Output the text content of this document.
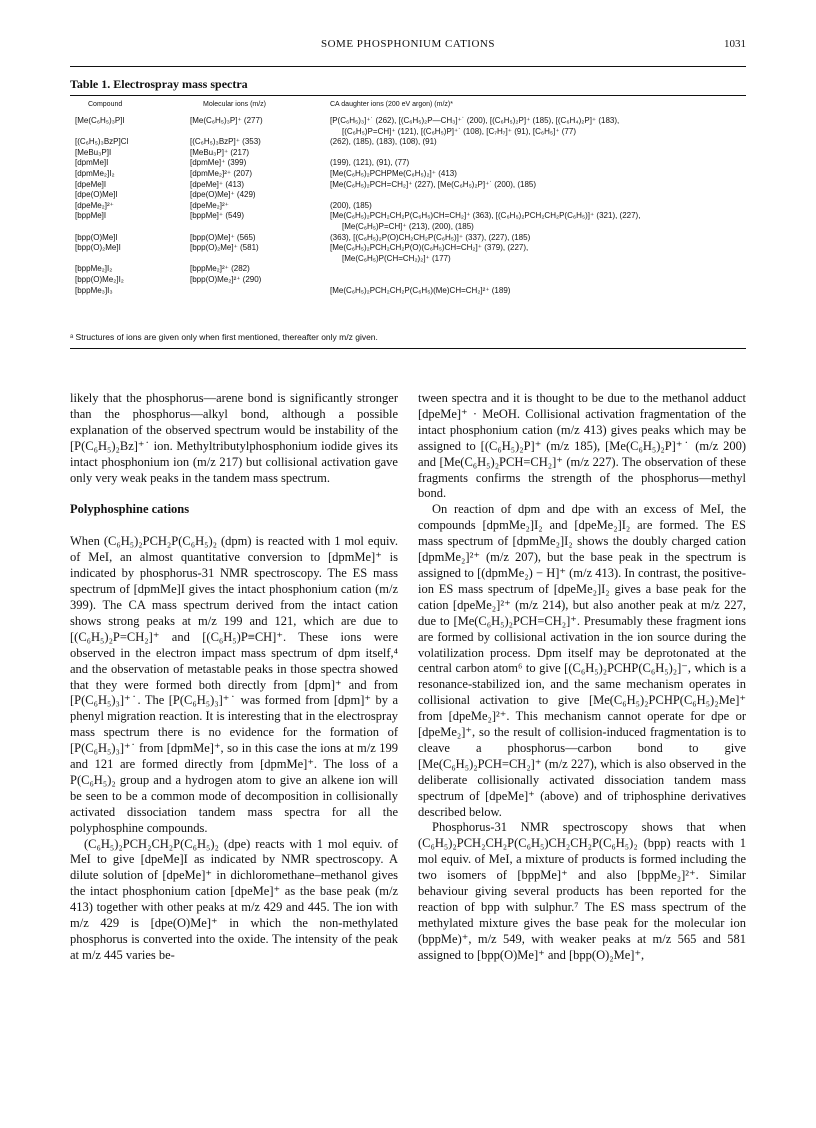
SOME PHOSPHONIUM CATIONS	1031
Table 1. Electrospray mass spectra
Compound	Molecular ions (m/z)	CA daughter ions (200 eV argon) (m/z)*
[Me(C₆H₅)₃P]I	[Me(C₆H₅)₃P]⁺ (277)	[P(C₆H₅)₃]⁺˙ (262), [(C₆H₅)₂P—CH₃]⁺˙ (200), [(C₆H₅)₂P]⁺ (185), [(C₆H₄)₂P]⁺ (183),
[(C₆H₅)P=CH]⁺ (121), [(C₆H₅)P]⁺˙ (108), [C₇H₇]⁺ (91), [C₆H₅]⁺ (77)
[(C₆H₅)₃BzP]Cl	[(C₆H₅)₃BzP]⁺ (353)	(262), (185), (183), (108), (91)
[MeBu₃P]I	[MeBu₃P]⁺ (217)

[dpmMe]I	[dpmMe]⁺ (399)	(199), (121), (91), (77)
[dpmMe₂]I₂	[dpmMe₂]²⁺ (207)	[Me(C₆H₅)₂PCHPMe(C₆H₅)₂]⁺ (413)
[dpeMe]I	[dpeMe]⁺ (413)	[Me(C₆H₅)₂PCH=CH₂]⁺ (227), [Me(C₆H₅)₂P]⁺˙ (200), (185)
[dpe(O)Me]I	[dpe(O)Me]⁺ (429)

[dpeMe₂]²⁺	[dpeMe₂]²⁺	(200), (185)
[bppMe]I	[bppMe]⁺ (549)	[Me(C₆H₅)₂PCH₂CH₂P(C₆H₅)CH=CH₂]⁺ (363), [(C₆H₅)₂PCH₂CH₂P(C₆H₅)]⁺ (321), (227),
[Me(C₆H₅)P=CH]⁺ (213), (200), (185)
[bpp(O)Me]I	[bpp(O)Me]⁺ (565)	(363), [(C₆H₅)₂P(O)CH₂CH₂P(C₆H₅)]⁺ (337), (227), (185)
[bpp(O)₂Me]I	[bpp(O)₂Me]⁺ (581)	[Me(C₆H₅)₂PCH₂CH₂P(O)(C₆H₅)CH=CH₂]⁺ (379), (227),
[Me(C₆H₅)P(CH=CH₂)₂]⁺ (177)
[bppMe₂]I₂	[bppMe₂]²⁺ (282)

[bpp(O)Me₂]I₂	[bpp(O)Me₂]²⁺ (290)

[bppMe₃]I₃	[Me(C₆H₅)₂PCH₂CH₂P(C₆H₅)(Me)CH=CH₂]²⁺ (189)
ᵃ Structures of ions are given only when first mentioned, thereafter only m/z given.

likely that the phosphorus—arene bond is significantly stronger than the phosphorus—alkyl bond, although a possible explanation of the observed spectrum would be instability of the [P(C₆H₅)₂Bz]⁺˙ ion. Methyltributylphosphonium iodide gives its intact phosphonium ion (m/z 217) but collisional activation gave only very weak peaks in the tandem mass spectrum.

Polyphosphine cations

When (C₆H₅)₂PCH₂P(C₆H₅)₂ (dpm) is reacted with 1 mol equiv. of MeI, an almost quantitative conversion to [dpmMe]⁺ is indicated by phosphorus-31 NMR spectroscopy. The ES mass spectrum of [dpmMe]I gives the intact phosphonium cation (m/z 399). The CA mass spectrum derived from the intact cation shows strong peaks at m/z 199 and 121, which are due to [(C₆H₅)₂P=CH₂]⁺ and [(C₆H₅)P≡CH]⁺. These ions were observed in the electron impact mass spectrum of dpm itself,⁴ and the observation of metastable peaks in those spectra showed that they were formed both directly from [dpm]⁺ and from [P(C₆H₅)₃]⁺˙. The [P(C₆H₅)₃]⁺˙ was formed from [dpm]⁺ by a phenyl migration reaction. It is interesting that in the electrospray mass spectrum there is no evidence for the formation of [P(C₆H₅)₃]⁺˙ from [dpmMe]⁺, so in this case the ions at m/z 199 and 121 are formed directly from [dpmMe]⁺. The loss of a P(C₆H₅)₂ group and a hydrogen atom to give an alkene ion will be seen to be a common mode of decomposition in collisionally activated dissociation tandem mass spectra for all the polyphosphine compounds.

(C₆H₅)₂PCH₂CH₂P(C₆H₅)₂ (dpe) reacts with 1 mol equiv. of MeI to give [dpeMe]I as indicated by NMR spectroscopy. A dilute solution of [dpeMe]⁺ in dichloromethane–methanol gives the intact phosphonium cation [dpeMe]⁺ as the base peak (m/z 413) together with other peaks at m/z 429 and 445. The ion with m/z 429 is [dpe(O)Me]⁺ in which the non-methylated phosphorus is converted into the oxide. The intensity of the peak at m/z 445 varies be-

tween spectra and it is thought to be due to the methanol adduct [dpeMe]⁺ · MeOH. Collisional activation fragmentation of the intact phosphonium cation (m/z 413) gives peaks which may be assigned to [(C₆H₅)₂P]⁺ (m/z 185), [Me(C₆H₅)₂P]⁺˙ (m/z 200) and [Me(C₆H₅)₂PCH=CH₂]⁺ (m/z 227). The observation of these fragments confirms the strength of the phosphorus—methyl bond.

On reaction of dpm and dpe with an excess of MeI, the compounds [dpmMe₂]I₂ and [dpeMe₂]I₂ are formed. The ES mass spectrum of [dpmMe₂]I₂ shows the doubly charged cation [dpmMe₂]²⁺ (m/z 207), but the base peak in the spectrum is assigned to [(dpmMe₂) − H]⁺ (m/z 413). In contrast, the positive-ion ES mass spectrum of [dpeMe₂]I₂ gives a base peak for the cation [dpeMe₂]²⁺ (m/z 214), but also another peak at m/z 227, due to [Me(C₆H₅)₂PCH=CH₂]⁺. Presumably these fragment ions are formed by collisional activation in the ion source during the volatilization process. Dpm itself may be deprotonated at the central carbon atom⁶ to give [(C₆H₅)₂PCHP(C₆H₅)₂]⁻, which is a resonance-stabilized ion, and the same mechanism operates in collisional activation to give [Me(C₆H₅)₂PCHP(C₆H₅)₂Me]⁺ from [dpeMe₂]²⁺. This mechanism cannot operate for dpe or [dpeMe₂]⁺, so the result of collision-induced fragmentation is to cleave a phosphorus—carbon bond to give [Me(C₆H₅)₂PCH=CH₂]⁺ (m/z 227), which is also observed in the deliberate collisionally activated dissociation tandem mass spectrum of [dpeMe]⁺ (above) and of triphosphine derivatives described below.

Phosphorus-31 NMR spectroscopy shows that when (C₆H₅)₂PCH₂CH₂P(C₆H₅)CH₂CH₂P(C₆H₅)₂ (bpp) reacts with 1 mol equiv. of MeI, a mixture of products is formed including the two isomers of [bppMe]⁺ and also [bppMe₂]²⁺. Similar behaviour giving several products has been reported for the reaction of bpp with sulphur.⁷ The ES mass spectrum of the methylated mixture gives the base peak for the molecular ion (bppMe)⁺, m/z 549, with weaker peaks at m/z 565 and 581 assigned to [bpp(O)Me]⁺ and [bpp(O)₂Me]⁺,
